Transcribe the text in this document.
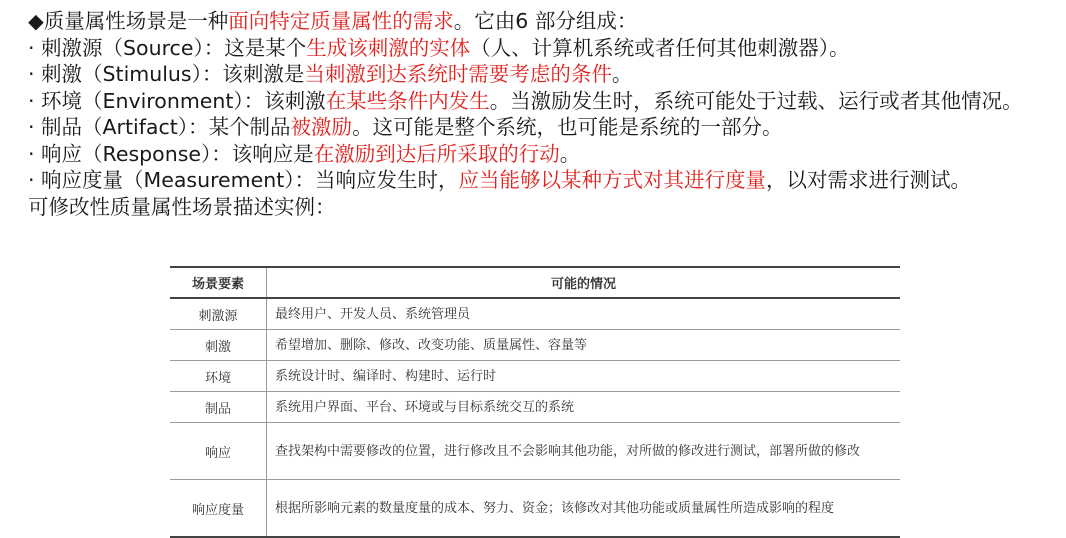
◆质量属性场景是一种面向特定质量属性的需求。它由6 部分组成：
· 刺激源（Source）：这是某个生成该刺激的实体（人、计算机系统或者任何其他刺激器）。
· 刺激（Stimulus）：该刺激是当刺激到达系统时需要考虑的条件。
· 环境（Environment）：该刺激在某些条件内发生。当激励发生时，系统可能处于过载、运行或者其他情况。
· 制品（Artifact）：某个制品被激励。这可能是整个系统，也可能是系统的一部分。
· 响应（Response）：该响应是在激励到达后所采取的行动。
· 响应度量（Measurement）：当响应发生时，应当能够以某种方式对其进行度量，以对需求进行测试。
可修改性质量属性场景描述实例：
场景要素	可能的情况
刺激源	最终用户、开发人员、系统管理员
刺激	希望增加、删除、修改、改变功能、质量属性、容量等
环境	系统设计时、编译时、构建时、运行时
制品	系统用户界面、平台、环境或与目标系统交互的系统
响应	查找架构中需要修改的位置，进行修改且不会影响其他功能，对所做的修改进行测试，部署所做的修改
响应度量	根据所影响元素的数量度量的成本、努力、资金；该修改对其他功能或质量属性所造成影响的程度
